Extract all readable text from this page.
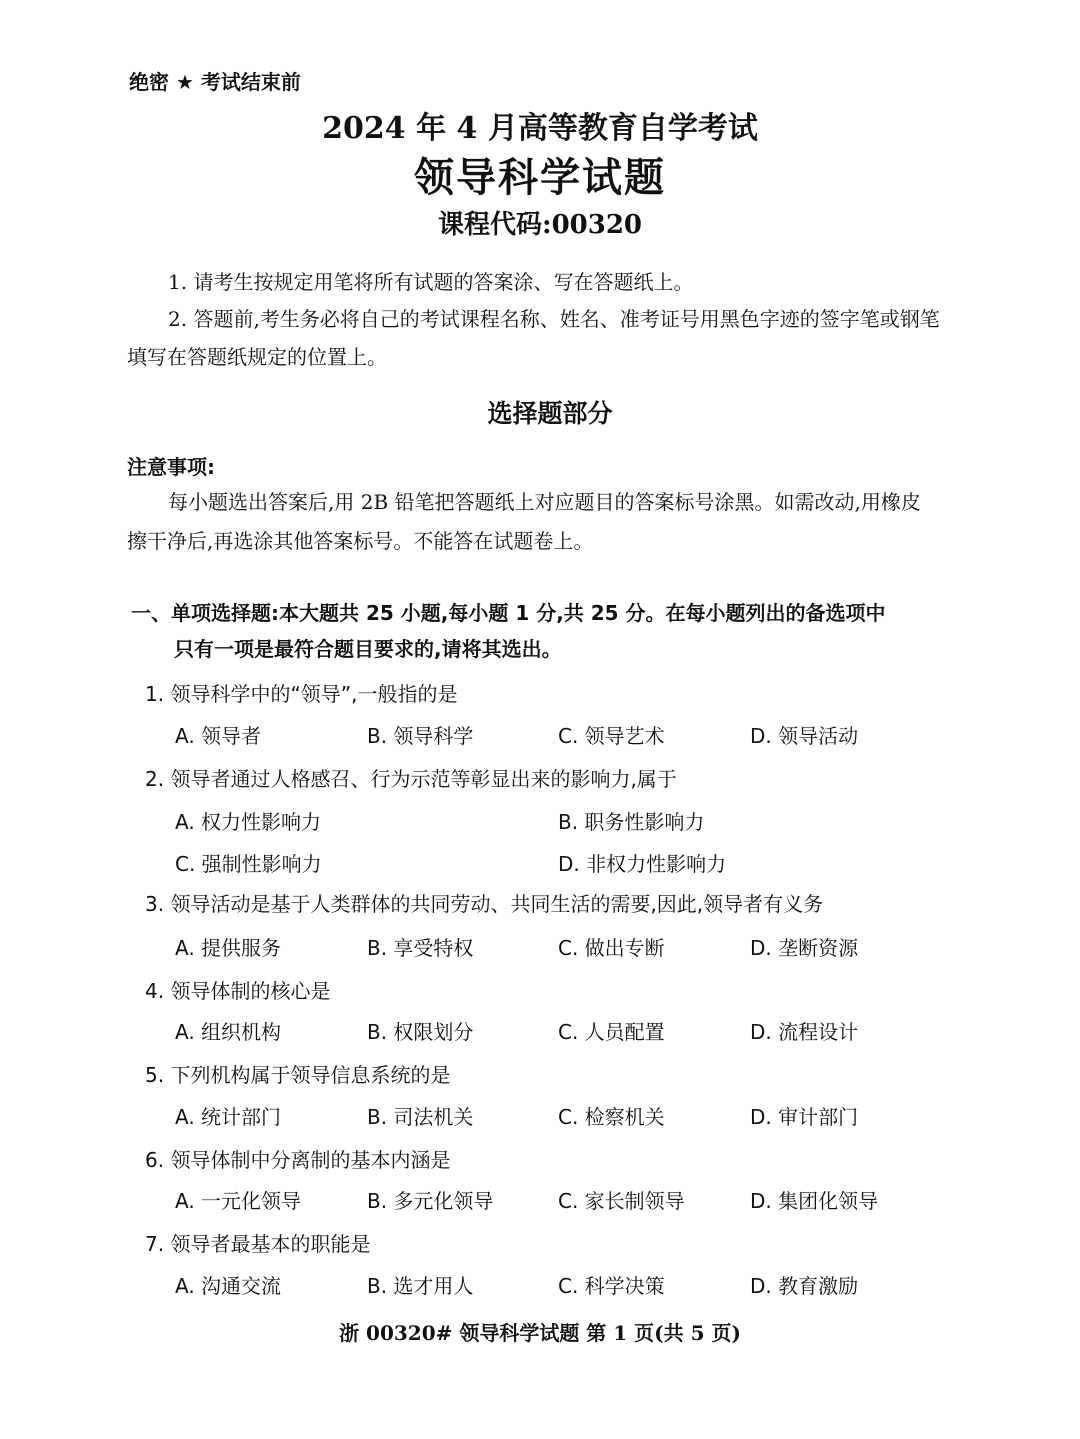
绝密 ★ 考试结束前
2024 年 4 月高等教育自学考试
领导科学试题
课程代码:00320
1. 请考生按规定用笔将所有试题的答案涂、写在答题纸上。
2. 答题前,考生务必将自己的考试课程名称、姓名、准考证号用黑色字迹的签字笔或钢笔
填写在答题纸规定的位置上。
选择题部分
注意事项:
每小题选出答案后,用 2B 铅笔把答题纸上对应题目的答案标号涂黑。如需改动,用橡皮
擦干净后,再选涂其他答案标号。不能答在试题卷上。
一、单项选择题:本大题共 25 小题,每小题 1 分,共 25 分。在每小题列出的备选项中
只有一项是最符合题目要求的,请将其选出。
1. 领导科学中的“领导”,一般指的是
A. 领导者	B. 领导科学	C. 领导艺术	D. 领导活动
2. 领导者通过人格感召、行为示范等彰显出来的影响力,属于
A. 权力性影响力	B. 职务性影响力
C. 强制性影响力	D. 非权力性影响力
3. 领导活动是基于人类群体的共同劳动、共同生活的需要,因此,领导者有义务
A. 提供服务	B. 享受特权	C. 做出专断	D. 垄断资源
4. 领导体制的核心是
A. 组织机构	B. 权限划分	C. 人员配置	D. 流程设计
5. 下列机构属于领导信息系统的是
A. 统计部门	B. 司法机关	C. 检察机关	D. 审计部门
6. 领导体制中分离制的基本内涵是
A. 一元化领导	B. 多元化领导	C. 家长制领导	D. 集团化领导
7. 领导者最基本的职能是
A. 沟通交流	B. 选才用人	C. 科学决策	D. 教育激励
浙 00320# 领导科学试题 第 1 页(共 5 页)
